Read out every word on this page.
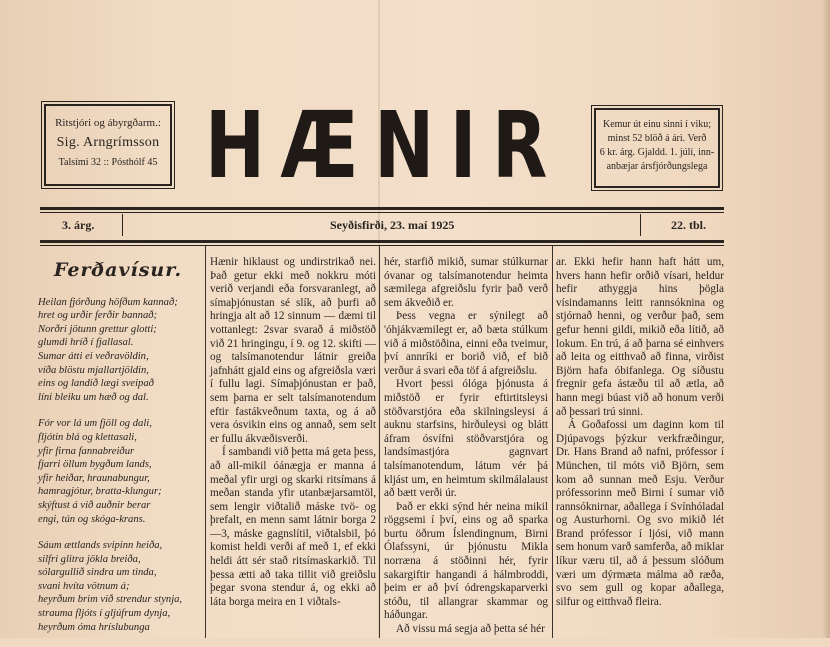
Ritstjóri og ábyrgðarm.:
Sig. Arngrímsson
Talsími 32 :: Pósthólf 45 HÆNIR	Kemur út einu sinni í viku;
minst 52 blöð á ári. Verð
6 kr. árg. Gjaldd. 1. júlí, inn-
anbæjar ársfjórðungslega
3. árg.	Seyðisfirði, 23. maí 1925	22. tbl.
Ferðavísur.
Heilan fjórðung höfðum kannað;
hret og urðir ferðir bannað;
Norðri jötunn grettur glotti;
glumdi hríð í fjallasal.
Sumar átti ei veðravöldin,
víða blöstu mjallartjöldin,
eins og landið lægi sveipað
líni bleiku um hæð og dal.
Fór vor lá um fjöll og dali,
fljótin blá og klettasali,
yfir firna fannabreiður
fjarri öllum bygðum lands,
yfir heiðar, hraunabungur,
hamragjótur, bratta-klungur;
skýftust á við auðnir berar
engi, tún og skóga-krans.
Sáum ættlands svipinn heiða,
silfri glitra jökla breiða,
sólargullið sindra um tinda,
svani hvíta vötnum á;
heyrðum brim við strendur stynja,
strauma fljóts í gljúfrum dynja,
heyrðum óma hríslubunga

Hænir hiklaust og undirstrikað nei. Það getur ekki með nokkru móti verið verjandi eða forsvaranlegt, að símaþjónustan sé slík, að þurfi að hringja alt að 12 sinnum — dæmi til vottanlegt: 2svar svarað á miðstöð við 21 hringingu, í 9. og 12. skifti — og talsímanotendur látnir greiða jafnhátt gjald eins og afgreiðsla væri í fullu lagi. Símaþjónustan er það, sem þarna er selt talsímanotendum eftir fastákveðnum taxta, og á að vera ósvikin eins og annað, sem selt er fullu ákvæðisverði.

Í sambandi við þetta má geta þess, að all-mikil óánægja er manna á meðal yfir urgi og skarki ritsímans á meðan standa yfir utanbæjarsamtöl, sem lengir viðtalið máske tvö- og þrefalt, en menn samt látnir borga 2—3, máske gagnslítil, viðtalsbil, þó komist heldi verði af með 1, ef ekki heldi átt sér stað ritsímaskarkið. Til þessa ætti að taka tillit við greiðslu þegar svona stendur á, og ekki að láta borga meira en 1 viðtals-

hér, starfið mikið, sumar stúlkurnar óvanar og talsímanotendur heimta sæmilega afgreiðslu fyrir það verð sem ákveðið er.

Þess vegna er sýnilegt að 'óhjákvæmilegt er, að bæta stúlkum við á miðstöðina, einni eða tveimur, því annríki er borið við, ef bið verður á svari eða töf á afgreiðslu.

Hvort þessi ólóga þjónusta á miðstöð er fyrir eftirtitsleysi stöðvarstjóra eða skilningsleysi á auknu starfsins, hirðuleysi og blátt áfram ósvífni stöðvarstjóra og landsímastjóra gagnvart talsímanotendum, látum vér þá kljást um, en heimtum skilmálalaust að bætt verði úr.

Það er ekki sýnd hér neina mikil röggsemi í því, eins og að sparka burtu öðrum Íslendingnum, Birni Ólafssyni, úr þjónustu Mikla norræna á stöðinni hér, fyrir sakargiftir hangandi á hálmbroddi, þeim er að því ódrengskaparverki stóðu, til allangrar skammar og háðungar.

Að vissu má segja að þetta sé hér

ar. Ekki hefir hann haft hátt um, hvers hann hefir orðið vísari, heldur hefir athyggja hins þögla vísindamanns leitt rannsóknina og stjórnað henni, og verður það, sem gefur henni gildi, mikið eða lítið, að lokum. En trú, á að þarna sé einhvers að leita og eitthvað að finna, virðist Björn hafa óbifanlega. Og síðustu fregnir gefa ástæðu til að ætla, að hann megi búast við að honum verði að þessari trú sinni.

Á Goðafossi um daginn kom til Djúpavogs þýzkur verkfræðingur, Dr. Hans Brand að nafni, prófessor í München, til móts við Björn, sem kom að sunnan með Esju. Verður prófessorinn með Birni í sumar við rannsóknirnar, aðallega í Svínhóladal og Austurhorni. Og svo mikið lét Brand prófessor í ljósi, við mann sem honum varð samferða, að miklar líkur væru til, að á þessum slóðum væri um dýrmæta málma að ræða, svo sem gull og kopar aðallega, silfur og eitthvað fleira.
